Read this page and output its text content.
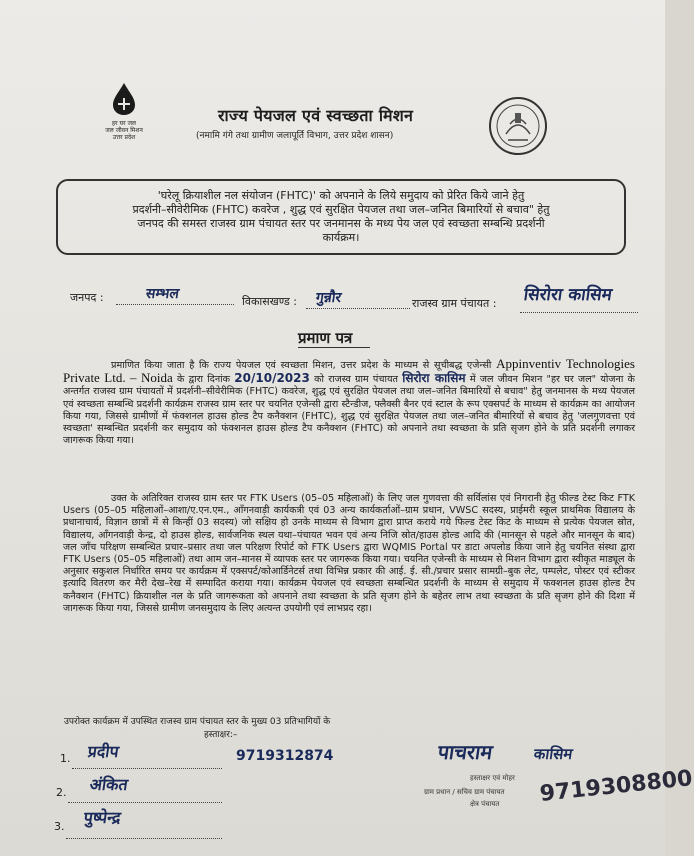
हर घर जल
जल जीवन मिशन
उत्तर प्रदेश
राज्य पेयजल एवं स्वच्छता मिशन
(नमामि गंगे तथा ग्रामीण जलापूर्ति विभाग, उत्तर प्रदेश शासन)
'घरेलू क्रियाशील नल संयोजन (FHTC)' को अपनाने के लिये समुदाय को प्रेरित किये जाने हेतु
प्रदर्शनी–सीवेरीमिक (FHTC) कवरेज , शुद्ध एवं सुरक्षित पेयजल तथा जल–जनित बिमारियों से बचाव" हेतु
जनपद की समस्त राजस्व ग्राम पंचायत स्तर पर जनमानस के मध्य पेय जल एवं स्वच्छता सम्बन्धि प्रदर्शनी
कार्यक्रम।
जनपद :	सम्भल	विकासखण्ड : गुन्नौर	राजस्व ग्राम पंचायत : सिरोरा कासिम
प्रमाण पत्र
प्रमाणित किया जाता है कि राज्य पेयजल एवं स्वच्छता मिशन, उत्तर प्रदेश के माध्यम से सूचीबद्ध एजेन्सी Appinventiv Technologies Private Ltd. – Noida के द्वारा दिनांक 20/10/2023 को राजस्व ग्राम पंचायत सिरोरा कासिम में जल जीवन मिशन "हर घर जल" योजना के अन्तर्गत राजस्व ग्राम पंचायतों में प्रदर्शनी–सीवेरीमिक (FHTC) कवरेज, शुद्ध एवं सुरक्षित पेयजल तथा जल–जनित बिमारियों से बचाव" हेतु जनमानस के मध्य पेयजल एवं स्वच्छता सम्बन्धि प्रदर्शनी कार्यक्रम राजस्व ग्राम स्तर पर चयनित एजेन्सी द्वारा स्टैन्डीज, फ्लैक्सी बैनर एवं स्टाल के रूप एक्सपर्ट के माध्यम से कार्यक्रम का आयोजन किया गया, जिससे ग्रामीणों में फंक्शनल हाउस होल्ड टैप कनैक्शन (FHTC), शुद्ध एवं सुरक्षित पेयजल तथा जल–जनित बीमारियों से बचाव हेतु 'जलगुणवत्ता एवं स्वच्छता' सम्बन्धित प्रदर्शनी कर समुदाय को फंक्शनल हाउस होल्ड टैप कनैक्शन (FHTC) को अपनाने तथा स्वच्छता के प्रति सृजग होने के प्रति प्रदर्शनी लगाकर जागरूक किया गया।
उक्त के अतिरिक्त राजस्व ग्राम स्तर पर FTK Users (05–05 महिलाओं) के लिए जल गुणवत्ता की सर्विलांस एवं निगरानी हेतु फील्ड टेस्ट किट FTK Users (05–05 महिलाओं–आशा/ए.एन.एम., आँगनवाड़ी कार्यकत्री एवं 03 अन्य कार्यकर्ताओं–ग्राम प्रधान, VWSC सदस्य, प्राईमरी स्कूल प्राथमिक विद्यालय के प्रधानाचार्य, विज्ञान छात्रों में से किन्हीं 03 सदस्य) जो सक्षिय हो उनके माध्यम से विभाग द्वारा प्राप्त कराये गये फिल्ड टेस्ट किट के माध्यम से प्रत्येक पेयजल स्रोत, विद्यालय, आँगनवाड़ी केन्द्र, दो हाउस होल्ड, सार्वजनिक स्थल यथा–पंचायत भवन एवं अन्य निजि स्रोत/हाउस होल्ड आदि की (मानसून से पहले और मानसून के बाद) जल जाँच परिक्षण सम्बन्धित प्रचार–प्रसार तथा जल परिक्षण रिपोर्ट को FTK Users द्वारा WQMIS Portal पर डाटा अपलोड किया जाने हेतु चयनित संस्था द्वारा FTK Users (05–05 महिलाओं) तथा आम जन–मानस में व्यापक स्तर पर जागरूक किया गया। चयनित एजेन्सी के माध्यम से मिशन विभाग द्वारा स्वीकृत माड्यूल के अनुसार सकुशल निर्धारित समय पर कार्यक्रम में एक्सपर्ट/कोआर्डिनेटर्स तथा विभिन्न प्रकार की आई. ई. सी./प्रचार प्रसार सामग्री–बुक लेट, पम्पलेट, पोस्टर एवं स्टीकर इत्यादि वितरण कर मैरी देख–रेख में सम्पादित कराया गया। कार्यक्रम पेयजल एवं स्वच्छता सम्बन्धित प्रदर्शनी के माध्यम से समुदाय में फक्शनल हाउस होल्ड टैप कनैक्शन (FHTC) क्रियाशील नल के प्रति जागरूकता को अपनाने तथा स्वच्छता के प्रति सृजग होने के बहेतर लाभ तथा स्वच्छता के प्रति सृजग होने की दिशा में जागरूक किया गया, जिससे ग्रामीण जनसमुदाय के लिए अत्यन्त उपयोगी एवं लाभप्रद रहा।
उपरोक्त कार्यक्रम में उपस्थित राजस्व ग्राम पंचायत स्तर के मुख्य 03 प्रतिभागियों के
हस्ताक्षर:–
1. प्रदीप	9719312874
2. अंकित
3. पुष्पेन्द्र
पाचराम	कासिम
हस्ताक्षर एवं मोहर
ग्राम प्रधान / सचिव ग्राम पंचायत
क्षेत्र पंचायत 9719308800
